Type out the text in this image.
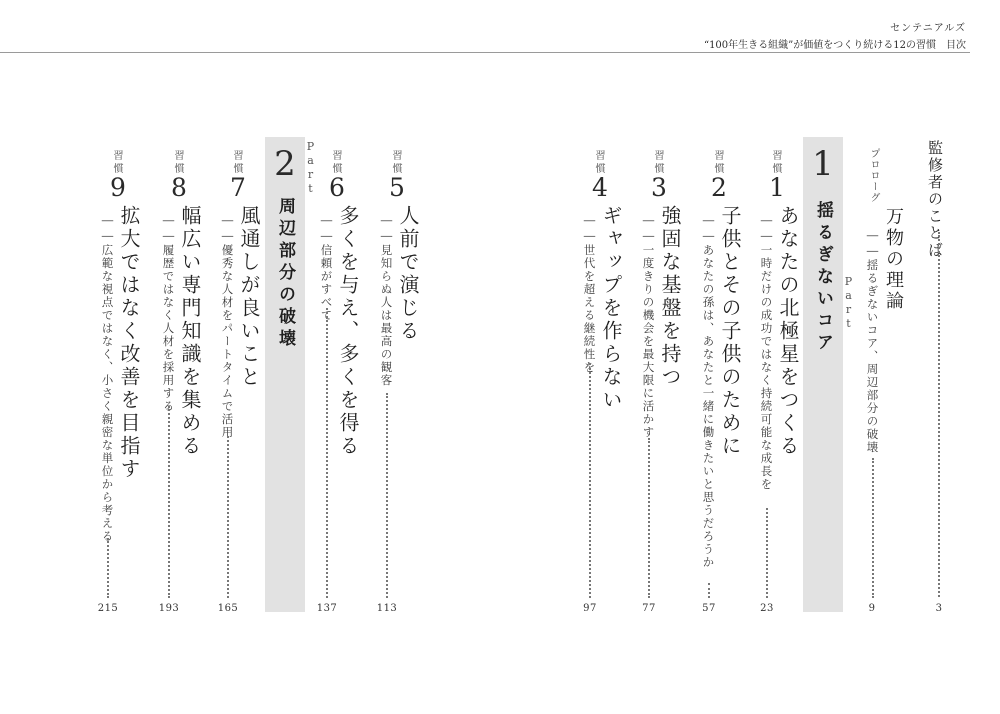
センテニアルズ
“100年生きる組織”が価値をつくり続ける12の習慣　目次
監修者のことば
3
プロローグ
万物の理論
――揺るぎないコア、周辺部分の破壊
9
Part
1
揺るぎないコア
習慣
1
あなたの北極星をつくる
――一時だけの成功ではなく持続可能な成長を
23
習慣
2
子供とその子供のために
――あなたの孫は、あなたと一緒に働きたいと思うだろうか
57
習慣
3
強固な基盤を持つ
――一度きりの機会を最大限に活かす
77
習慣
4
ギャップを作らない
――世代を超える継続性を
97
習慣
5
人前で演じる
――見知らぬ人は最高の観客
113
習慣
6
多くを与え、多くを得る
――信頼がすべて
137
Part
2
周辺部分の破壊
習慣
7
風通しが良いこと
――優秀な人材をパートタイムで活用
165
習慣
8
幅広い専門知識を集める
――履歴ではなく人材を採用する
193
習慣
9
拡大ではなく改善を目指す
――広範な視点ではなく、小さく親密な単位から考える
215
